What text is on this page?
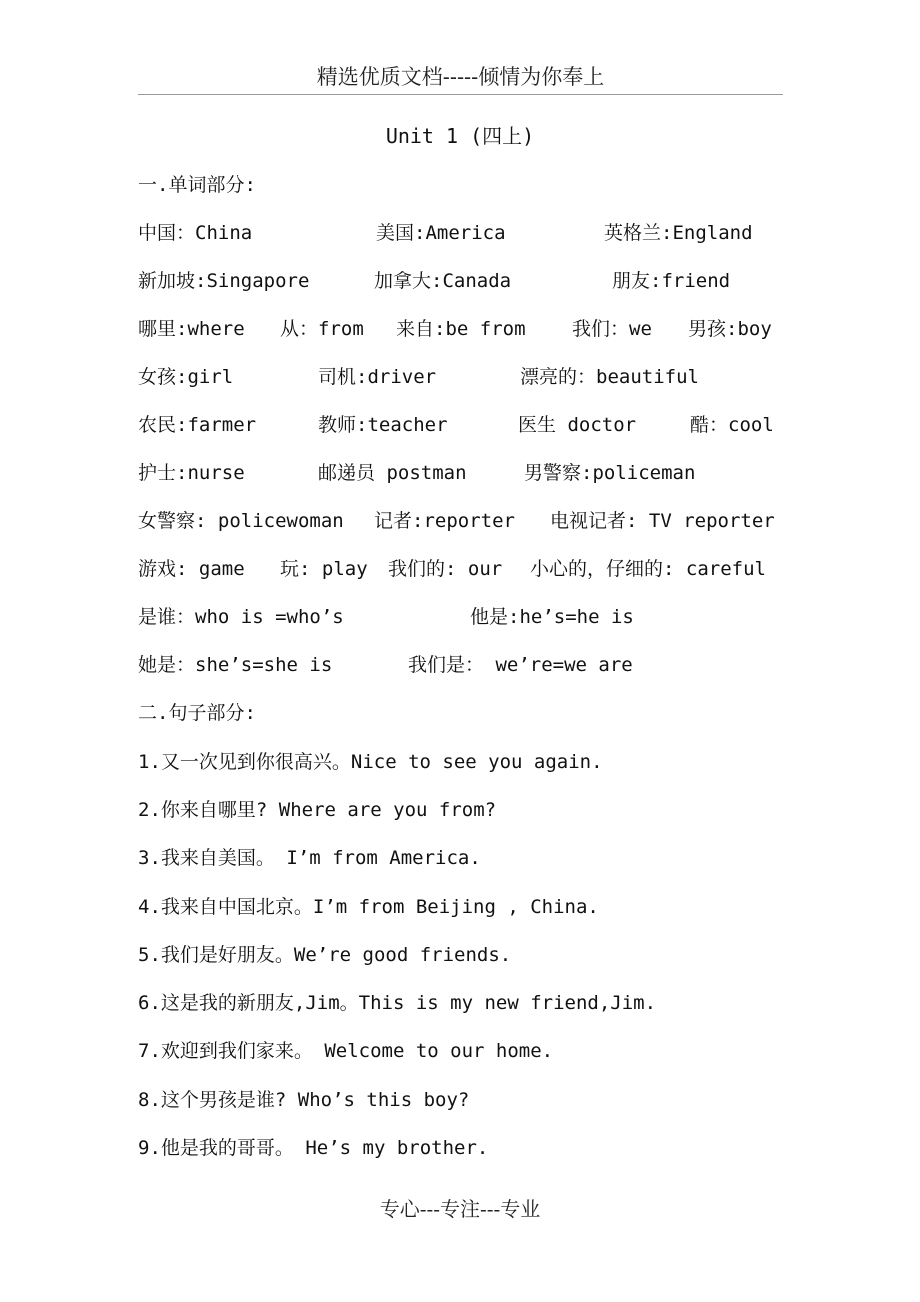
精选优质文档-----倾情为你奉上
Unit 1 (四上)
一.单词部分:
中国：China	美国:America	英格兰:England
新加坡:Singapore	加拿大:Canada	朋友:friend
哪里:where 从：from 来自:be from 我们：we 男孩:boy
女孩:girl	司机:driver	漂亮的：beautiful
农民:farmer	教师:teacher	医生 doctor	酷：cool
护士:nurse	邮递员 postman	男警察:policeman
女警察: policewoman 记者:reporter 电视记者: TV reporter
游戏: game 玩: play 我们的: our 小心的，仔细的: careful
是谁：who is =who’s	他是:he’s=he is
她是：she’s=she is	我们是： we’re=we are
二.句子部分:
1.又一次见到你很高兴。Nice to see you again.
2.你来自哪里? Where are you from?
3.我来自美国。 I’m from America.
4.我来自中国北京。I’m from Beijing , China.
5.我们是好朋友。We’re good friends.
6.这是我的新朋友,Jim。This is my new friend,Jim.
7.欢迎到我们家来。 Welcome to our home.
8.这个男孩是谁? Who’s this boy?
9.他是我的哥哥。 He’s my brother.
专心---专注---专业
